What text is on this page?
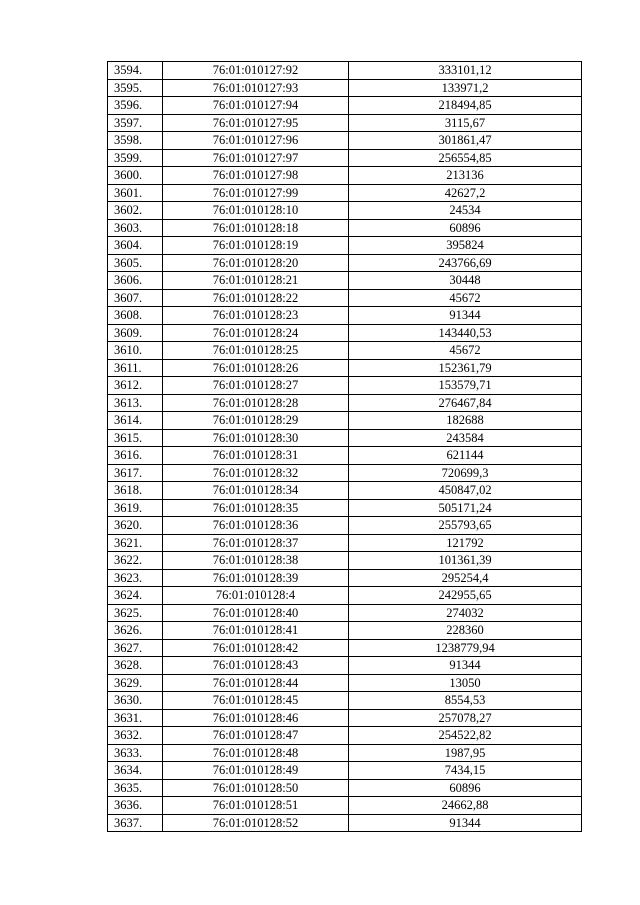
3594.	76:01:010127:92	333101,12
3595.	76:01:010127:93	133971,2
3596.	76:01:010127:94	218494,85
3597.	76:01:010127:95	3115,67
3598.	76:01:010127:96	301861,47
3599.	76:01:010127:97	256554,85
3600.	76:01:010127:98	213136
3601.	76:01:010127:99	42627,2
3602.	76:01:010128:10	24534
3603.	76:01:010128:18	60896
3604.	76:01:010128:19	395824
3605.	76:01:010128:20	243766,69
3606.	76:01:010128:21	30448
3607.	76:01:010128:22	45672
3608.	76:01:010128:23	91344
3609.	76:01:010128:24	143440,53
3610.	76:01:010128:25	45672
3611.	76:01:010128:26	152361,79
3612.	76:01:010128:27	153579,71
3613.	76:01:010128:28	276467,84
3614.	76:01:010128:29	182688
3615.	76:01:010128:30	243584
3616.	76:01:010128:31	621144
3617.	76:01:010128:32	720699,3
3618.	76:01:010128:34	450847,02
3619.	76:01:010128:35	505171,24
3620.	76:01:010128:36	255793,65
3621.	76:01:010128:37	121792
3622.	76:01:010128:38	101361,39
3623.	76:01:010128:39	295254,4
3624.	76:01:010128:4	242955,65
3625.	76:01:010128:40	274032
3626.	76:01:010128:41	228360
3627.	76:01:010128:42	1238779,94
3628.	76:01:010128:43	91344
3629.	76:01:010128:44	13050
3630.	76:01:010128:45	8554,53
3631.	76:01:010128:46	257078,27
3632.	76:01:010128:47	254522,82
3633.	76:01:010128:48	1987,95
3634.	76:01:010128:49	7434,15
3635.	76:01:010128:50	60896
3636.	76:01:010128:51	24662,88
3637.	76:01:010128:52	91344
